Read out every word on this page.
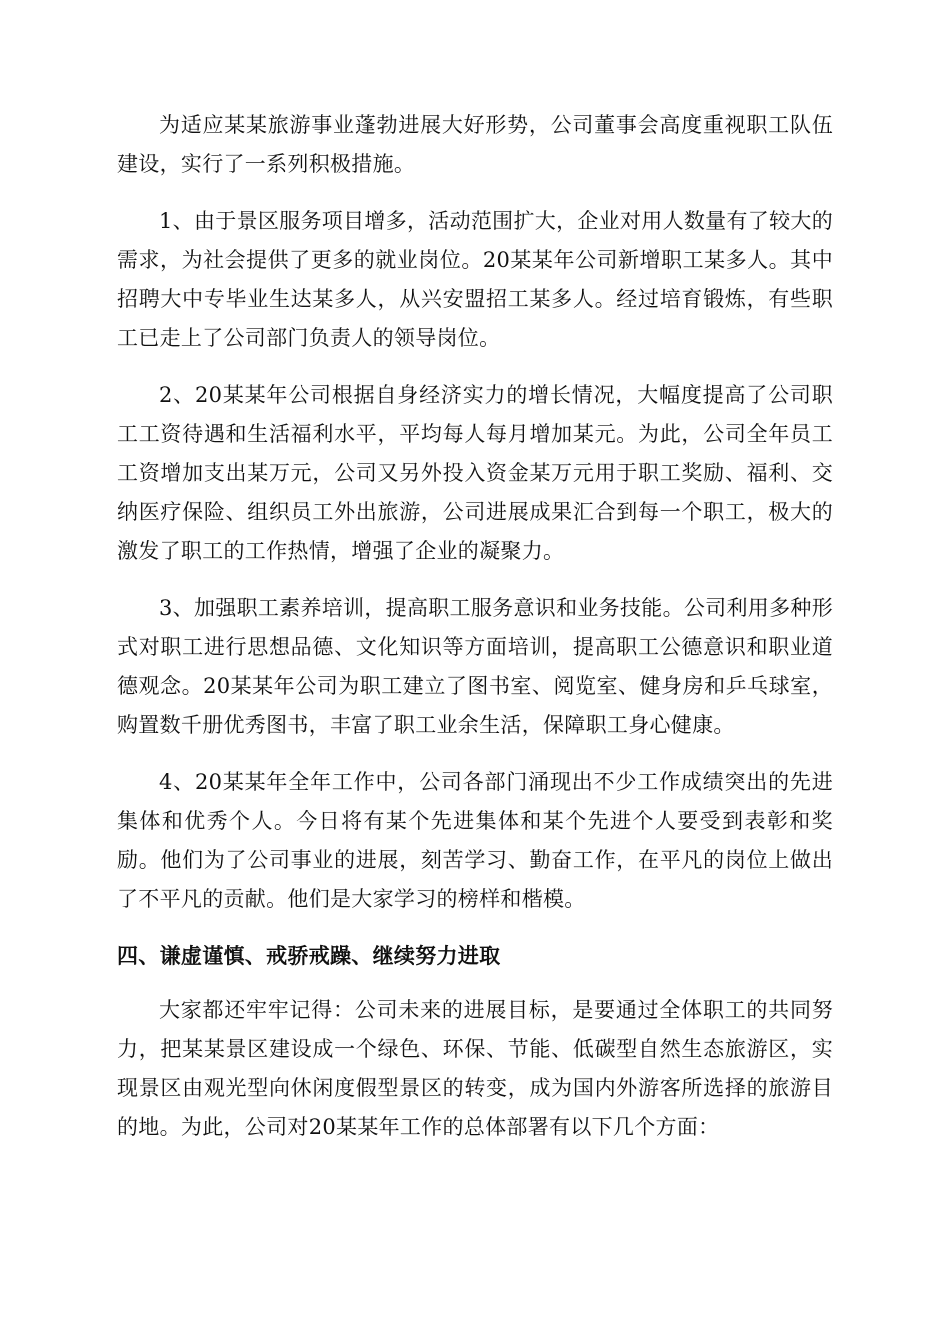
为适应某某旅游事业蓬勃进展大好形势，公司董事会高度重视职工队伍建设，实行了一系列积极措施。

1、由于景区服务项目增多，活动范围扩大，企业对用人数量有了较大的需求，为社会提供了更多的就业岗位。20某某年公司新增职工某多人。其中招聘大中专毕业生达某多人，从兴安盟招工某多人。经过培育锻炼，有些职工已走上了公司部门负责人的领导岗位。

2、20某某年公司根据自身经济实力的增长情况，大幅度提高了公司职工工资待遇和生活福利水平，平均每人每月增加某元。为此，公司全年员工工资增加支出某万元，公司又另外投入资金某万元用于职工奖励、福利、交纳医疗保险、组织员工外出旅游，公司进展成果汇合到每一个职工，极大的激发了职工的工作热情，增强了企业的凝聚力。

3、加强职工素养培训，提高职工服务意识和业务技能。公司利用多种形式对职工进行思想品德、文化知识等方面培训，提高职工公德意识和职业道德观念。20某某年公司为职工建立了图书室、阅览室、健身房和乒乓球室，购置数千册优秀图书，丰富了职工业余生活，保障职工身心健康。

4、20某某年全年工作中，公司各部门涌现出不少工作成绩突出的先进集体和优秀个人。今日将有某个先进集体和某个先进个人要受到表彰和奖励。他们为了公司事业的进展，刻苦学习、勤奋工作，在平凡的岗位上做出了不平凡的贡献。他们是大家学习的榜样和楷模。

四、谦虚谨慎、戒骄戒躁、继续努力进取

大家都还牢牢记得：公司未来的进展目标，是要通过全体职工的共同努力，把某某景区建设成一个绿色、环保、节能、低碳型自然生态旅游区，实现景区由观光型向休闲度假型景区的转变，成为国内外游客所选择的旅游目的地。为此，公司对20某某年工作的总体部署有以下几个方面：
